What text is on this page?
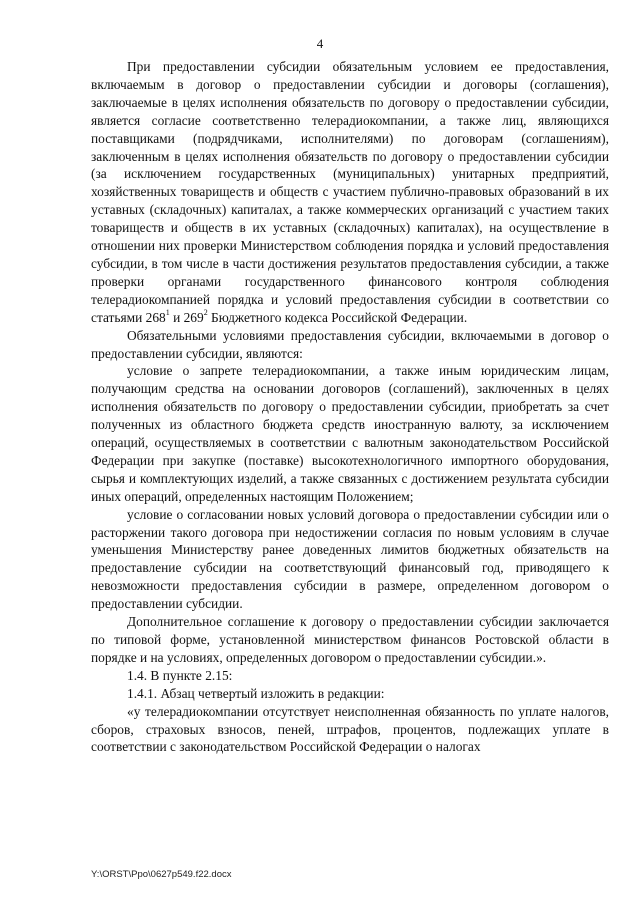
4

При предоставлении субсидии обязательным условием ее предоставления, включаемым в договор о предоставлении субсидии и договоры (соглашения), заключаемые в целях исполнения обязательств по договору о предоставлении субсидии, является согласие соответственно телерадиокомпании, а также лиц, являющихся поставщиками (подрядчиками, исполнителями) по договорам (соглашениям), заключенным в целях исполнения обязательств по договору о предоставлении субсидии (за исключением государственных (муниципальных) унитарных предприятий, хозяйственных товариществ и обществ с участием публично-правовых образований в их уставных (складочных) капиталах, а также коммерческих организаций с участием таких товариществ и обществ в их уставных (складочных) капиталах), на осуществление в отношении них проверки Министерством соблюдения порядка и условий предоставления субсидии, в том числе в части достижения результатов предоставления субсидии, а также проверки органами государственного финансового контроля соблюдения телерадиокомпанией порядка и условий предоставления субсидии в соответствии со статьями $268^1$ и $269^2$ Бюджетного кодекса Российской Федерации.

Обязательными условиями предоставления субсидии, включаемыми в договор о предоставлении субсидии, являются:

условие о запрете телерадиокомпании, а также иным юридическим лицам, получающим средства на основании договоров (соглашений), заключенных в целях исполнения обязательств по договору о предоставлении субсидии, приобретать за счет полученных из областного бюджета средств иностранную валюту, за исключением операций, осуществляемых в соответствии с валютным законодательством Российской Федерации при закупке (поставке) высокотехнологичного импортного оборудования, сырья и комплектующих изделий, а также связанных с достижением результата субсидии иных операций, определенных настоящим Положением;

условие о согласовании новых условий договора о предоставлении субсидии или о расторжении такого договора при недостижении согласия по новым условиям в случае уменьшения Министерству ранее доведенных лимитов бюджетных обязательств на предоставление субсидии на соответствующий финансовый год, приводящего к невозможности предоставления субсидии в размере, определенном договором о предоставлении субсидии.

Дополнительное соглашение к договору о предоставлении субсидии заключается по типовой форме, установленной министерством финансов Ростовской области в порядке и на условиях, определенных договором о предоставлении субсидии.».

1.4. В пункте 2.15:

1.4.1. Абзац четвертый изложить в редакции:

«у телерадиокомпании отсутствует неисполненная обязанность по уплате налогов, сборов, страховых взносов, пеней, штрафов, процентов, подлежащих уплате в соответствии с законодательством Российской Федерации о налогах

Y:\ORST\Ppo\0627p549.f22.docx
